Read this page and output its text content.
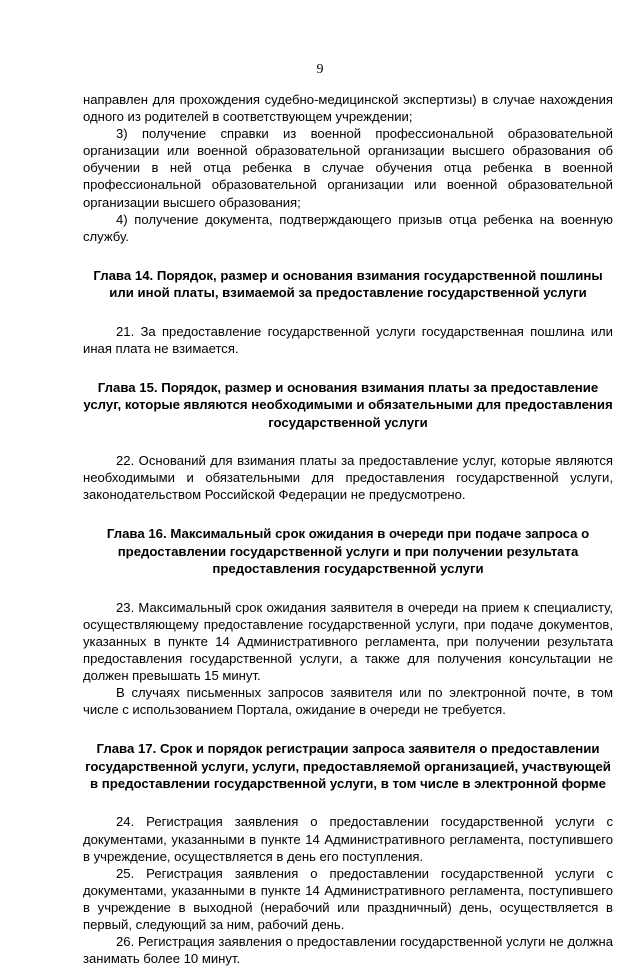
9

направлен для прохождения судебно-медицинской экспертизы) в случае нахождения одного из родителей в соответствующем учреждении;

3) получение справки из военной профессиональной образовательной организации или военной образовательной организации высшего образования об обучении в ней отца ребенка в случае обучения отца ребенка в военной профессиональной образовательной организации или военной образовательной организации высшего образования;

4) получение документа, подтверждающего призыв отца ребенка на военную службу.

Глава 14. Порядок, размер и основания взимания государственной пошлины или иной платы, взимаемой за предоставление государственной услуги

21. За предоставление государственной услуги государственная пошлина или иная плата не взимается.

Глава 15. Порядок, размер и основания взимания платы за предоставление услуг, которые являются необходимыми и обязательными для предоставления государственной услуги

22. Оснований для взимания платы за предоставление услуг, которые являются необходимыми и обязательными для предоставления государственной услуги, законодательством Российской Федерации не предусмотрено.

Глава 16. Максимальный срок ожидания в очереди при подаче запроса о предоставлении государственной услуги и при получении результата предоставления государственной услуги

23. Максимальный срок ожидания заявителя в очереди на прием к специалисту, осуществляющему предоставление государственной услуги, при подаче документов, указанных в пункте 14 Административного регламента, при получении результата предоставления государственной услуги, а также для получения консультации не должен превышать 15 минут.

В случаях письменных запросов заявителя или по электронной почте, в том числе с использованием Портала, ожидание в очереди не требуется.

Глава 17. Срок и порядок регистрации запроса заявителя о предоставлении государственной услуги, услуги, предоставляемой организацией, участвующей в предоставлении государственной услуги, в том числе в электронной форме

24. Регистрация заявления о предоставлении государственной услуги с документами, указанными в пункте 14 Административного регламента, поступившего в учреждение, осуществляется в день его поступления.

25. Регистрация заявления о предоставлении государственной услуги с документами, указанными в пункте 14 Административного регламента, поступившего в учреждение в выходной (нерабочий или праздничный) день, осуществляется в первый, следующий за ним, рабочий день.

26. Регистрация заявления о предоставлении государственной услуги не должна занимать более 10 минут.
